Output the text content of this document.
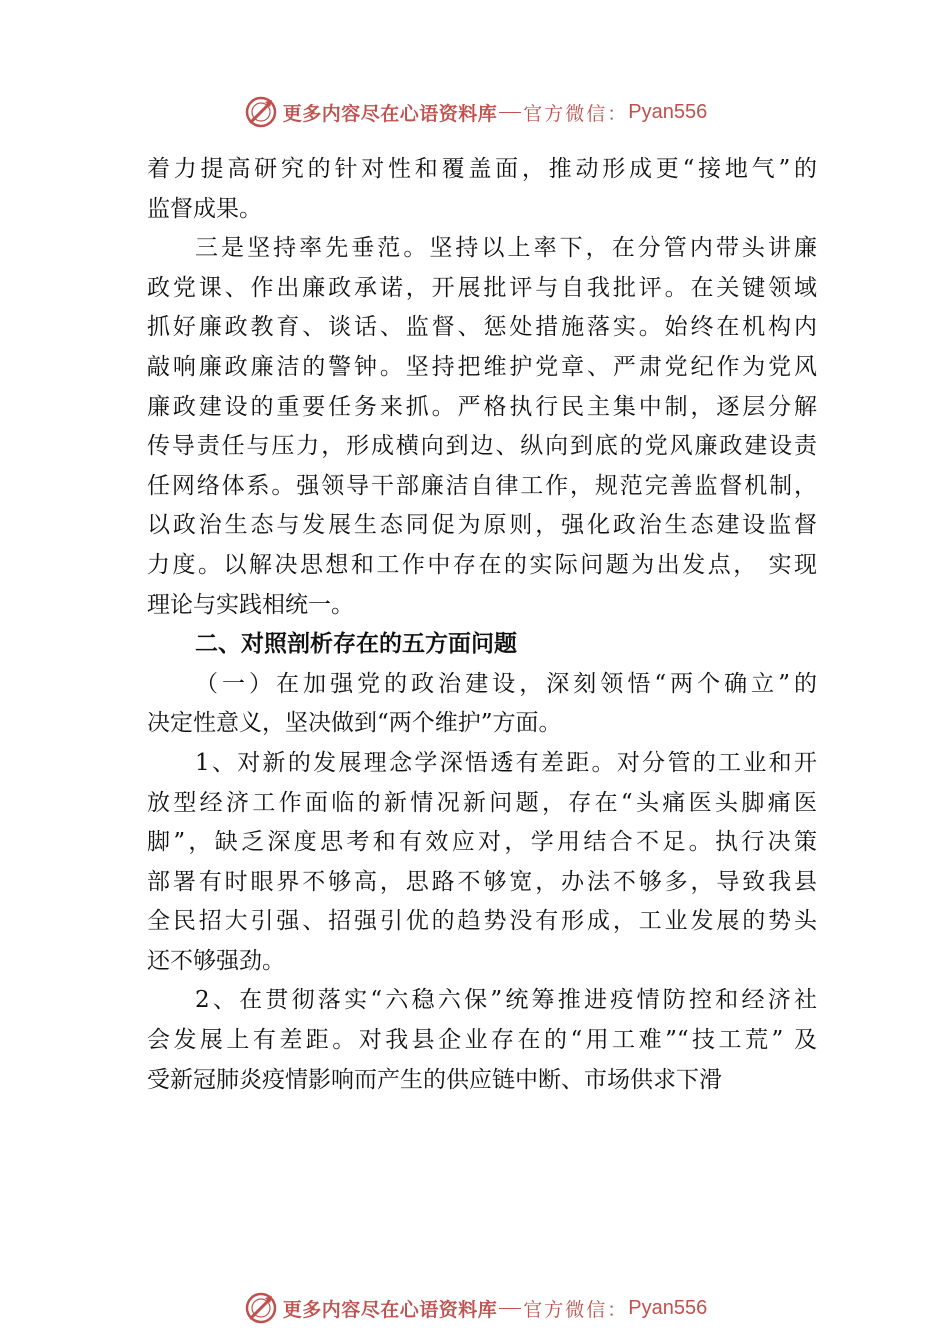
更多内容尽在心语资料库 官方微信： Pyan556
着力提高研究的针对性和覆盖面，推动形成更“接地气”的
监督成果。
三是坚持率先垂范。坚持以上率下，在分管内带头讲廉
政党课、作出廉政承诺，开展批评与自我批评。在关键领域
抓好廉政教育、谈话、监督、惩处措施落实。始终在机构内
敲响廉政廉洁的警钟。坚持把维护党章、严肃党纪作为党风
廉政建设的重要任务来抓。严格执行民主集中制，逐层分解
传导责任与压力，形成横向到边、纵向到底的党风廉政建设责
任网络体系。强领导干部廉洁自律工作，规范完善监督机制，
以政治生态与发展生态同促为原则，强化政治生态建设监督
力度。以解决思想和工作中存在的实际问题为出发点， 实现
理论与实践相统一。
二、对照剖析存在的五方面问题
（一）在加强党的政治建设，深刻领悟“两个确立”的
决定性意义，坚决做到“两个维护”方面。
1、对新的发展理念学深悟透有差距。对分管的工业和开
放型经济工作面临的新情况新问题，存在“头痛医头脚痛医
脚”，缺乏深度思考和有效应对，学用结合不足。执行决策
部署有时眼界不够高，思路不够宽，办法不够多，导致我县
全民招大引强、招强引优的趋势没有形成，工业发展的势头
还不够强劲。
2、在贯彻落实“六稳六保”统筹推进疫情防控和经济社
会发展上有差距。对我县企业存在的“用工难”“技工荒” 及
受新冠肺炎疫情影响而产生的供应链中断、市场供求下滑
更多内容尽在心语资料库 官方微信： Pyan556
